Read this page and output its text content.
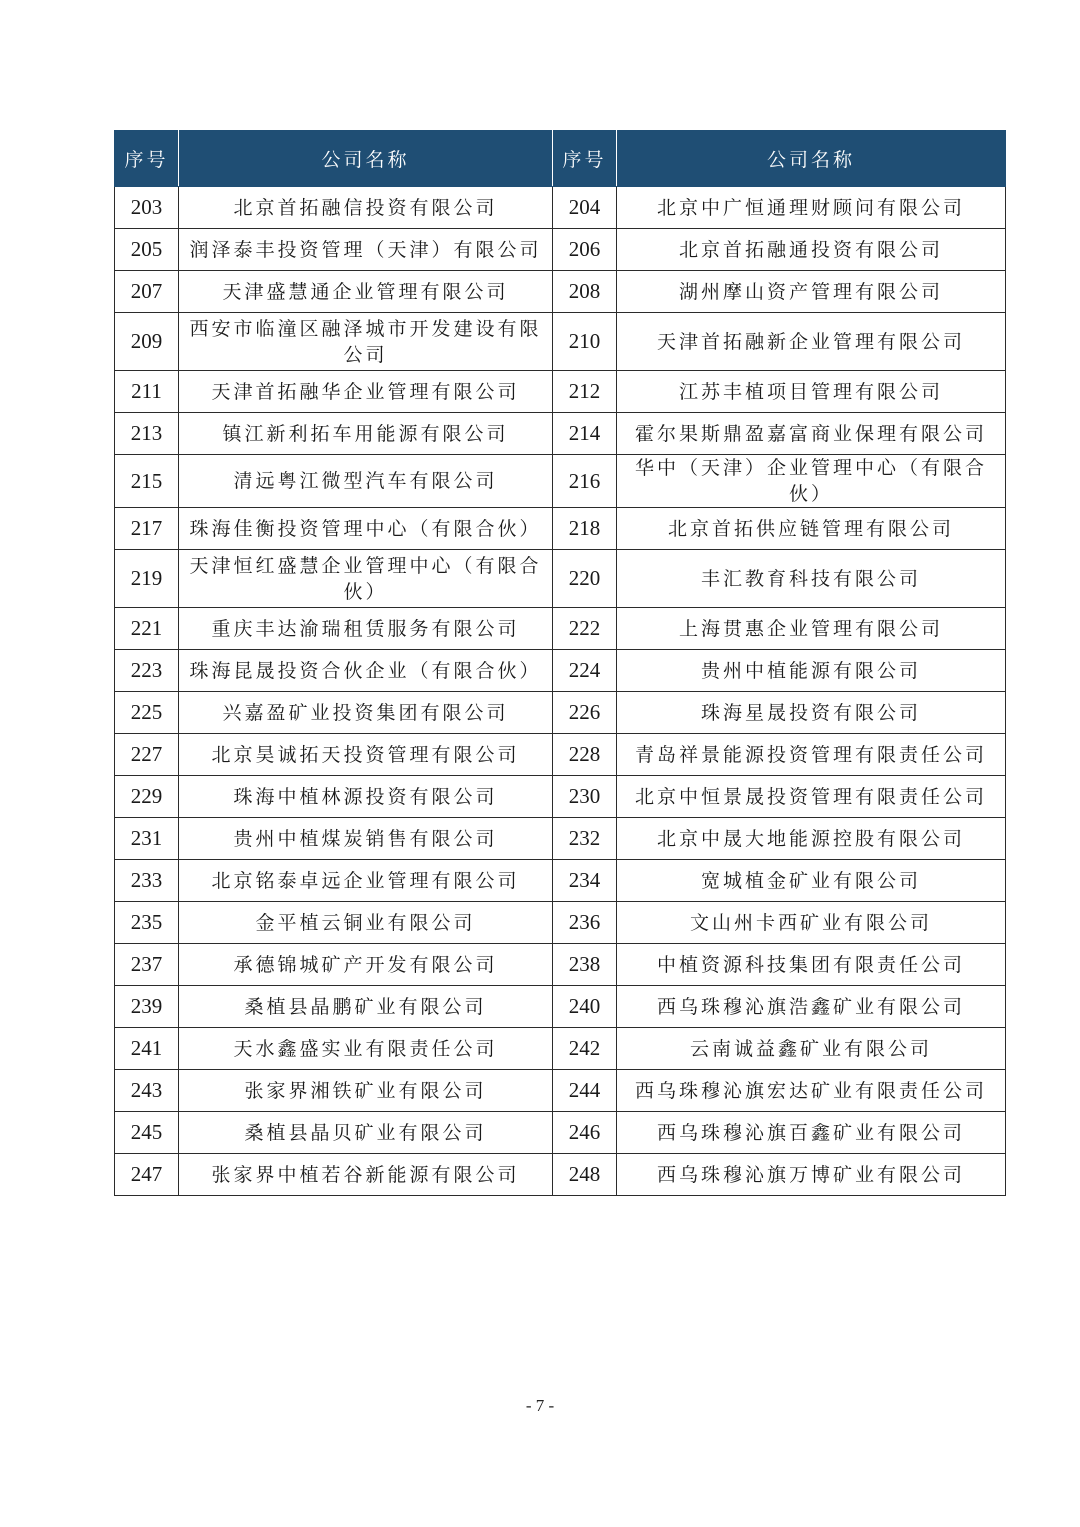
序号	公司名称	序号	公司名称
203	北京首拓融信投资有限公司	204	北京中广恒通理财顾问有限公司
205	润泽泰丰投资管理（天津）有限公司	206	北京首拓融通投资有限公司
207	天津盛慧通企业管理有限公司	208	湖州摩山资产管理有限公司
209	西安市临潼区融泽城市开发建设有限公司	210	天津首拓融新企业管理有限公司
211	天津首拓融华企业管理有限公司	212	江苏丰植项目管理有限公司
213	镇江新利拓车用能源有限公司	214	霍尔果斯鼎盈嘉富商业保理有限公司
215	清远粤江微型汽车有限公司	216	华中（天津）企业管理中心（有限合伙）
217	珠海佳衡投资管理中心（有限合伙）	218	北京首拓供应链管理有限公司
219	天津恒红盛慧企业管理中心（有限合伙）	220	丰汇教育科技有限公司
221	重庆丰达渝瑞租赁服务有限公司	222	上海贯惠企业管理有限公司
223	珠海昆晟投资合伙企业（有限合伙）	224	贵州中植能源有限公司
225	兴嘉盈矿业投资集团有限公司	226	珠海星晟投资有限公司
227	北京昊诚拓天投资管理有限公司	228	青岛祥景能源投资管理有限责任公司
229	珠海中植林源投资有限公司	230	北京中恒景晟投资管理有限责任公司
231	贵州中植煤炭销售有限公司	232	北京中晟大地能源控股有限公司
233	北京铭泰卓远企业管理有限公司	234	宽城植金矿业有限公司
235	金平植云铜业有限公司	236	文山州卡西矿业有限公司
237	承德锦城矿产开发有限公司	238	中植资源科技集团有限责任公司
239	桑植县晶鹏矿业有限公司	240	西乌珠穆沁旗浩鑫矿业有限公司
241	天水鑫盛实业有限责任公司	242	云南诚益鑫矿业有限公司
243	张家界湘铁矿业有限公司	244	西乌珠穆沁旗宏达矿业有限责任公司
245	桑植县晶贝矿业有限公司	246	西乌珠穆沁旗百鑫矿业有限公司
247	张家界中植若谷新能源有限公司	248	西乌珠穆沁旗万博矿业有限公司
- 7 -
